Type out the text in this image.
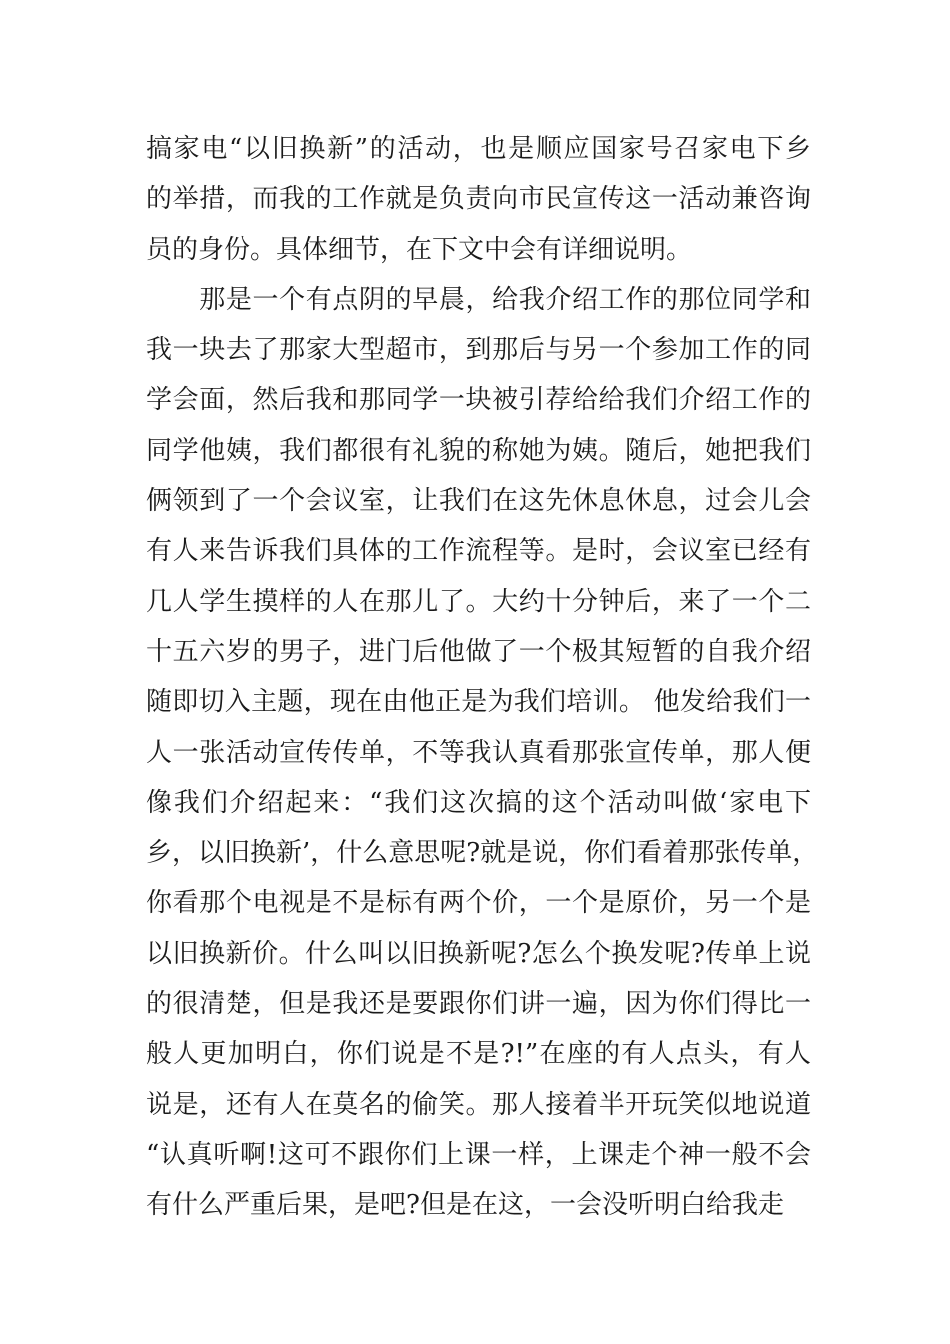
搞家电“以旧换新”的活动，也是顺应国家号召家电下乡
的举措，而我的工作就是负责向市民宣传这一活动兼咨询
员的身份。具体细节，在下文中会有详细说明。
　　那是一个有点阴的早晨，给我介绍工作的那位同学和
我一块去了那家大型超市，到那后与另一个参加工作的同
学会面，然后我和那同学一块被引荐给给我们介绍工作的
同学他姨，我们都很有礼貌的称她为姨。随后，她把我们
俩领到了一个会议室，让我们在这先休息休息，过会儿会
有人来告诉我们具体的工作流程等。是时，会议室已经有
几人学生摸样的人在那儿了。大约十分钟后，来了一个二
十五六岁的男子，进门后他做了一个极其短暂的自我介绍
随即切入主题，现在由他正是为我们培训。 他发给我们一
人一张活动宣传传单，不等我认真看那张宣传单，那人便
像我们介绍起来：“我们这次搞的这个活动叫做‘家电下
乡，以旧换新’，什么意思呢?就是说，你们看着那张传单，
你看那个电视是不是标有两个价，一个是原价，另一个是
以旧换新价。什么叫以旧换新呢?怎么个换发呢?传单上说
的很清楚，但是我还是要跟你们讲一遍，因为你们得比一
般人更加明白，你们说是不是?!”在座的有人点头，有人
说是，还有人在莫名的偷笑。那人接着半开玩笑似地说道
“认真听啊!这可不跟你们上课一样，上课走个神一般不会
有什么严重后果，是吧?但是在这，一会没听明白给我走
